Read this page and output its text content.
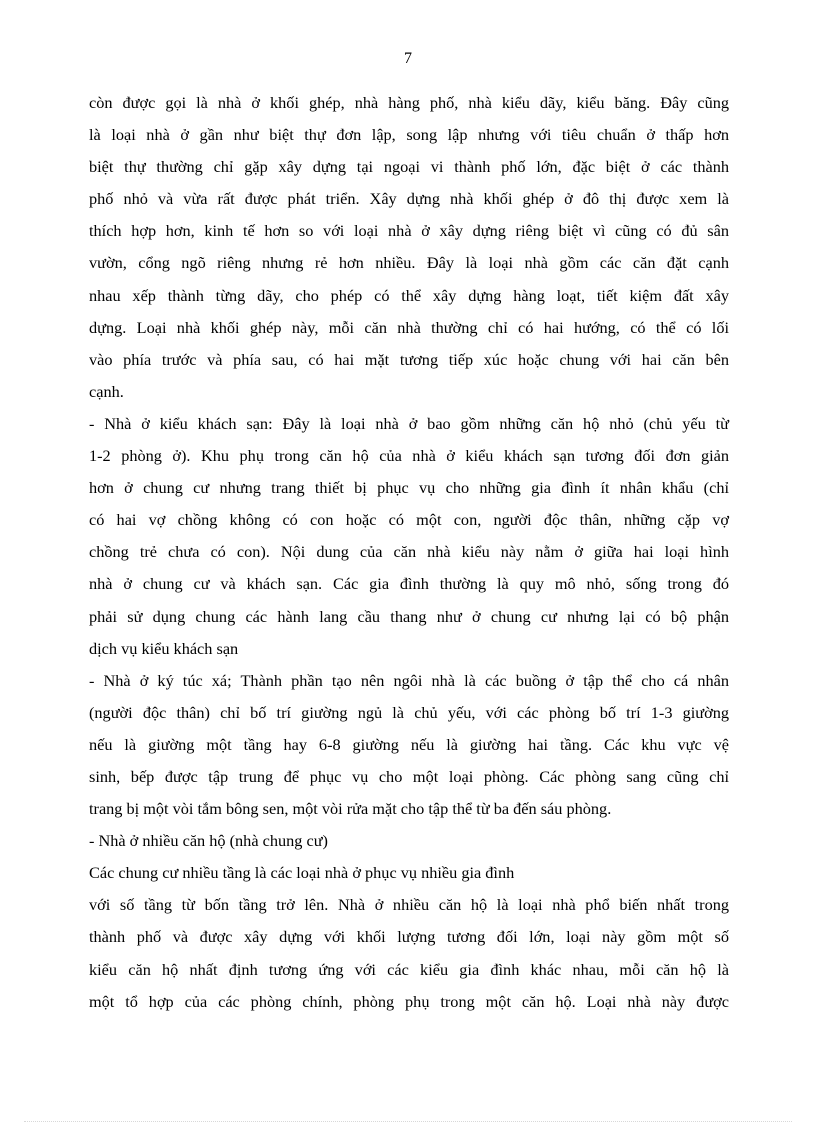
7
còn được gọi là nhà ở khối ghép, nhà hàng phố, nhà kiểu dãy, kiểu băng. Đây cũng
là loại nhà ở gần như biệt thự đơn lập, song lập nhưng với tiêu chuẩn ở thấp hơn
biệt thự thường chỉ gặp xây dựng tại ngoại vi thành phố lớn, đặc biệt ở các thành
phố nhỏ và vừa rất được phát triển. Xây dựng nhà khối ghép ở đô thị được xem là
thích hợp hơn, kinh tế hơn so với loại nhà ở xây dựng riêng biệt vì cũng có đủ sân
vườn, cổng ngõ riêng nhưng rẻ hơn nhiều. Đây là loại nhà gồm các căn đặt cạnh
nhau xếp thành từng dãy, cho phép có thể xây dựng hàng loạt, tiết kiệm đất xây
dựng. Loại nhà khối ghép này, mỗi căn nhà thường chỉ có hai hướng, có thể có lối
vào phía trước và phía sau, có hai mặt tương tiếp xúc hoặc chung với hai căn bên
cạnh.
- Nhà ở kiểu khách sạn: Đây là loại nhà ở bao gồm những căn hộ nhỏ (chủ yếu từ
1-2 phòng ở). Khu phụ trong căn hộ của nhà ở kiểu khách sạn tương đối đơn giản
hơn ở chung cư nhưng trang thiết bị phục vụ cho những gia đình ít nhân khẩu (chỉ
có hai vợ chồng không có con hoặc có một con, người độc thân, những cặp vợ
chồng trẻ chưa có con). Nội dung của căn nhà kiểu này nằm ở giữa hai loại hình
nhà ở chung cư và khách sạn. Các gia đình thường là quy mô nhỏ, sống trong đó
phải sử dụng chung các hành lang cầu thang như ở chung cư nhưng lại có bộ phận
dịch vụ kiểu khách sạn
- Nhà ở ký túc xá; Thành phần tạo nên ngôi nhà là các buồng ở tập thể cho cá nhân
(người độc thân) chỉ bố trí giường ngủ là chủ yếu, với các phòng bố trí 1-3 giường
nếu là giường một tầng hay 6-8 giường nếu là giường hai tầng. Các khu vực vệ
sinh, bếp được tập trung để phục vụ cho một loại phòng. Các phòng sang cũng chỉ
trang bị một vòi tắm bông sen, một vòi rửa mặt cho tập thể từ ba đến sáu phòng.
- Nhà ở nhiều căn hộ (nhà chung cư)
Các chung cư nhiều tầng là các loại nhà ở phục vụ nhiều gia đình
với số tầng từ bốn tầng trở lên. Nhà ở nhiều căn hộ là loại nhà phổ biến nhất trong
thành phố và được xây dựng với khối lượng tương đối lớn, loại này gồm một số
kiểu căn hộ nhất định tương ứng với các kiểu gia đình khác nhau, mỗi căn hộ là
một tổ hợp của các phòng chính, phòng phụ trong một căn hộ. Loại nhà này được
